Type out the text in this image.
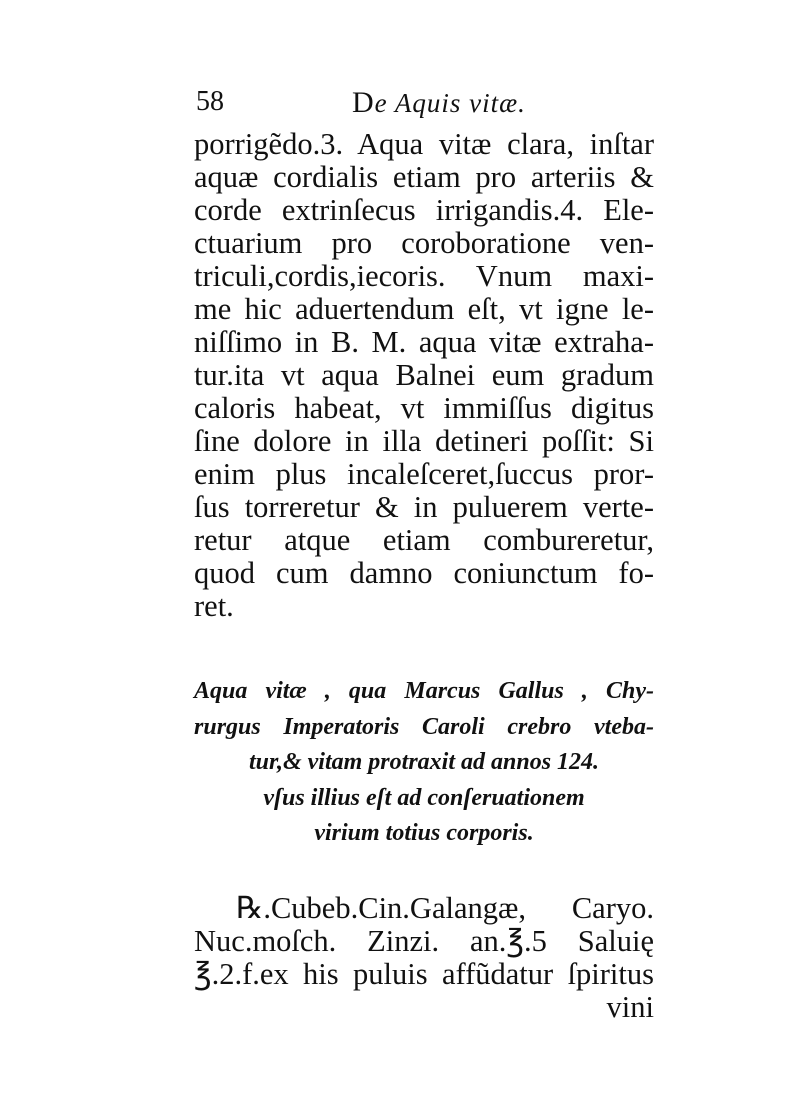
58	De Aquis vitæ.
porrigẽdo.3. Aqua vitæ clara, inſtar
aquæ cordialis etiam pro arteriis &
corde extrinſecus irrigandis.4. Ele-
ctuarium pro coroboratione ven-
triculi,cordis,iecoris. Vnum maxi-
me hic aduertendum eſt, vt igne le-
niſſimo in B. M. aqua vitæ extraha-
tur.ita vt aqua Balnei eum gradum
caloris habeat, vt immiſſus digitus
ſine dolore in illa detineri poſſit: Si
enim plus incaleſceret,ſuccus pror-
ſus torreretur & in puluerem verte-
retur atque etiam combureretur,
quod cum damno coniunctum fo-
ret.
Aqua vitæ , qua Marcus Gallus , Chy-
rurgus Imperatoris Caroli crebro vteba-
tur,& vitam protraxit ad annos 124.
vſus illius eſt ad conſeruationem
virium totius corporis.
℞.Cubeb.Cin.Galangæ, Caryo.
Nuc.moſch. Zinzi. an.℥.5 Saluię
℥.2.f.ex his puluis affũdatur ſpiritus
vini
